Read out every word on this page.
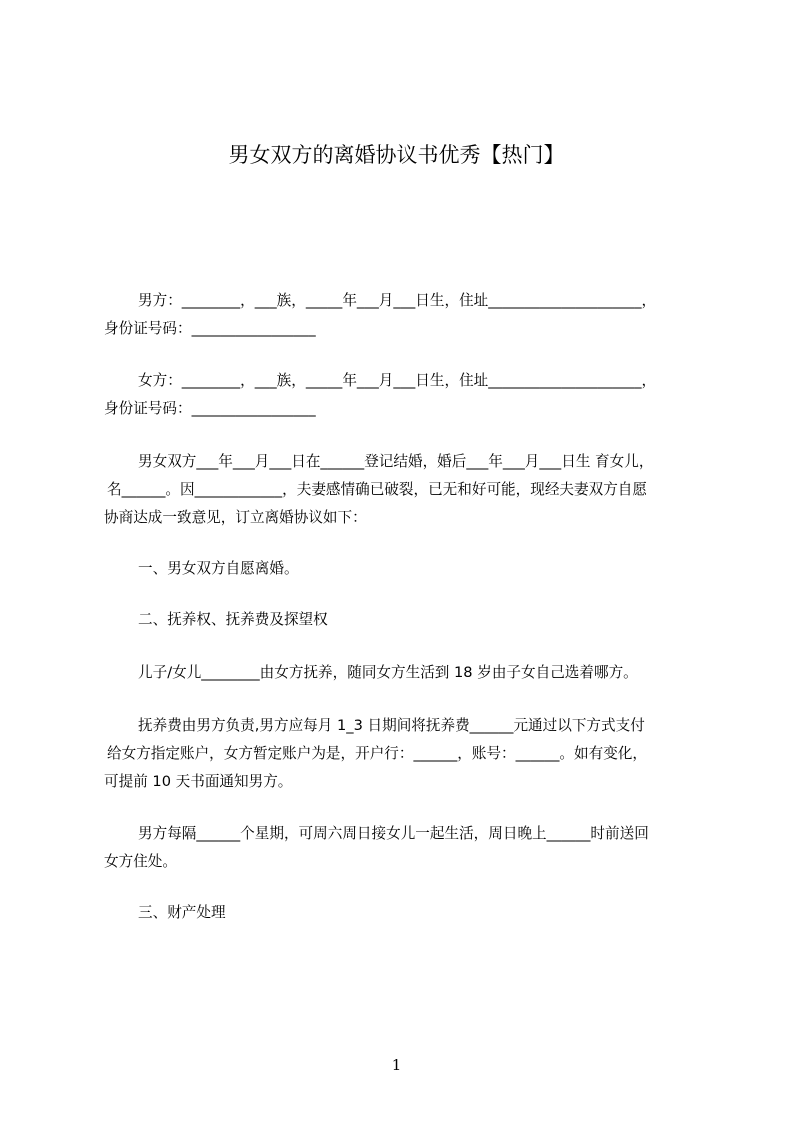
男女双方的离婚协议书优秀【热门】
男方：________，___族，_____年___月___日生，住址_____________________，
身份证号码：_________________
女方：________，___族，_____年___月___日生，住址_____________________，
身份证号码：_________________
男女双方___年___月___日在______登记结婚，婚后___年___月___日生 育女儿，
名______。因____________，夫妻感情确已破裂，已无和好可能，现经夫妻双方自愿
协商达成一致意见，订立离婚协议如下：
一、男女双方自愿离婚。
二、抚养权、抚养费及探望权
儿子/女儿________由女方抚养，随同女方生活到 18 岁由子女自己选着哪方。
抚养费由男方负责,男方应每月 1_3 日期间将抚养费______元通过以下方式支付
给女方指定账户，女方暂定账户为是，开户行：______，账号：______。如有变化，
可提前 10 天书面通知男方。
男方每隔______个星期，可周六周日接女儿一起生活，周日晚上______时前送回
女方住处。
三、财产处理
1
